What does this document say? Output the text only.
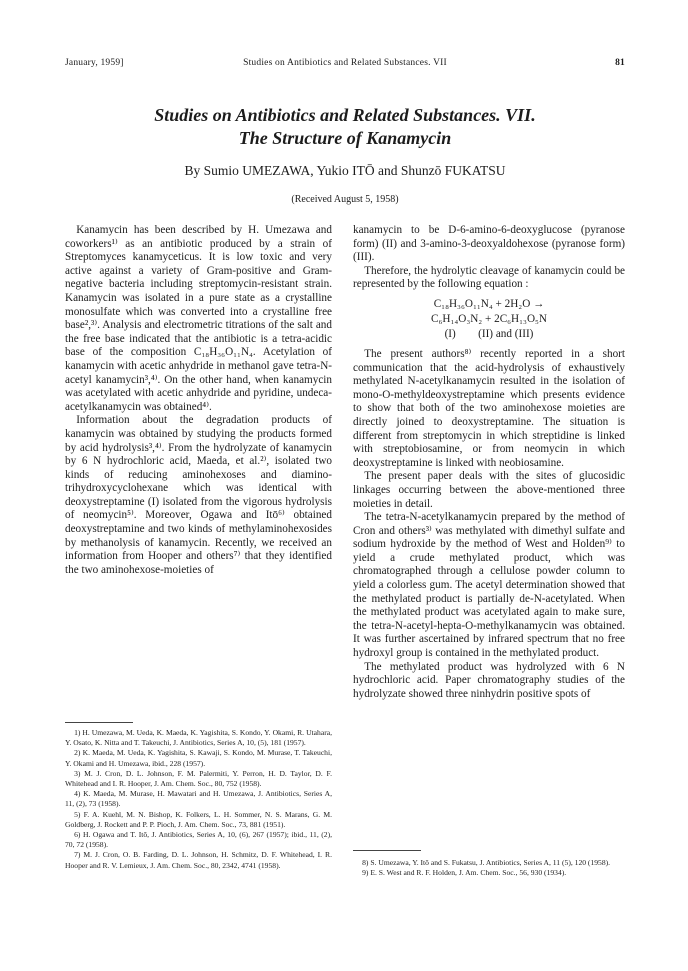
January, 1959]	Studies on Antibiotics and Related Substances. VII	81
Studies on Antibiotics and Related Substances. VII.
The Structure of Kanamycin
By Sumio UMEZAWA, Yukio ITŌ and Shunzō FUKATSU
(Received August 5, 1958)

Kanamycin has been described by H. Umezawa and coworkers¹⁾ as an antibiotic produced by a strain of Streptomyces kanamyceticus. It is low toxic and very active against a variety of Gram-positive and Gram-negative bacteria including streptomycin-resistant strain. Kanamycin was isolated in a pure state as a crystalline monosulfate which was converted into a crystalline free base²,³⁾. Analysis and electrometric titrations of the salt and the free base indicated that the antibiotic is a tetra-acidic base of the composition C₁₈H₃₆O₁₁N₄. Acetylation of kanamycin with acetic anhydride in methanol gave tetra-N-acetyl kanamycin³,⁴⁾. On the other hand, when kanamycin was acetylated with acetic anhydride and pyridine, undeca-acetylkanamycin was obtained⁴⁾.

Information about the degradation products of kanamycin was obtained by studying the products formed by acid hydrolysis³,⁴⁾. From the hydrolyzate of kanamycin by 6 N hydrochloric acid, Maeda, et al.²⁾, isolated two kinds of reducing aminohexoses and diamino-trihydroxycyclohexane which was identical with deoxystreptamine (I) isolated from the vigorous hydrolysis of neomycin⁵⁾. Moreover, Ogawa and Itō⁶⁾ obtained deoxystreptamine and two kinds of methylaminohexosides by methanolysis of kanamycin. Recently, we received an information from Hooper and others⁷⁾ that they identified the two aminohexose-moieties of

kanamycin to be D-6-amino-6-deoxyglucose (pyranose form) (II) and 3-amino-3-deoxyaldohexose (pyranose form) (III).

Therefore, the hydrolytic cleavage of kanamycin could be represented by the following equation :

C₁₈H₃₆O₁₁N₄ + 2H₂O →
C₆H₁₄O₃N₂ + 2C₆H₁₃O₅N
(I)        (II) and (III)

The present authors⁸⁾ recently reported in a short communication that the acid-hydrolysis of exhaustively methylated N-acetylkanamycin resulted in the isolation of mono-O-methyldeoxystreptamine which presents evidence to show that both of the two aminohexose moieties are directly joined to deoxystreptamine. The situation is different from streptomycin in which streptidine is linked with streptobiosamine, or from neomycin in which deoxystreptamine is linked with neobiosamine.

The present paper deals with the sites of glucosidic linkages occurring between the above-mentioned three moieties in detail.

The tetra-N-acetylkanamycin prepared by the method of Cron and others³⁾ was methylated with dimethyl sulfate and sodium hydroxide by the method of West and Holden⁹⁾ to yield a crude methylated product, which was chromatographed through a cellulose powder column to yield a colorless gum. The acetyl determination showed that the methylated product is partially de-N-acetylated. When the methylated product was acetylated again to make sure, the tetra-N-acetyl-hepta-O-methylkanamycin was obtained. It was further ascertained by infrared spectrum that no free hydroxyl group is contained in the methylated product.

The methylated product was hydrolyzed with 6 N hydrochloric acid. Paper chromatography studies of the hydrolyzate showed three ninhydrin positive spots of

1) H. Umezawa, M. Ueda, K. Maeda, K. Yagishita, S. Kondo, Y. Okami, R. Utahara, Y. Osato, K. Nitta and T. Takeuchi, J. Antibiotics, Series A, 10, (5), 181 (1957).
2) K. Maeda, M. Ueda, K. Yagishita, S. Kawaji, S. Kondo, M. Murase, T. Takeuchi, Y. Okami and H. Umezawa, ibid., 228 (1957).
3) M. J. Cron, D. L. Johnson, F. M. Palermiti, Y. Perron, H. D. Taylor, D. F. Whitehead and I. R. Hooper, J. Am. Chem. Soc., 80, 752 (1958).
4) K. Maeda, M. Murase, H. Mawatari and H. Umezawa, J. Antibiotics, Series A, 11, (2), 73 (1958).
5) F. A. Kuehl, M. N. Bishop, K. Folkers, L. H. Sommer, N. S. Marans, G. M. Goldberg, J. Rockett and P. P. Pioch, J. Am. Chem. Soc., 73, 881 (1951).
6) H. Ogawa and T. Itō, J. Antibiotics, Series A, 10, (6), 267 (1957); ibid., 11, (2), 70, 72 (1958).
7) M. J. Cron, O. B. Farding, D. L. Johnson, H. Schmitz, D. F. Whitehead, I. R. Hooper and R. V. Lemieux, J. Am. Chem. Soc., 80, 2342, 4741 (1958).	8) S. Umezawa, Y. Itō and S. Fukatsu, J. Antibiotics, Series A, 11 (5), 120 (1958).
9) E. S. West and R. F. Holden, J. Am. Chem. Soc., 56, 930 (1934).
